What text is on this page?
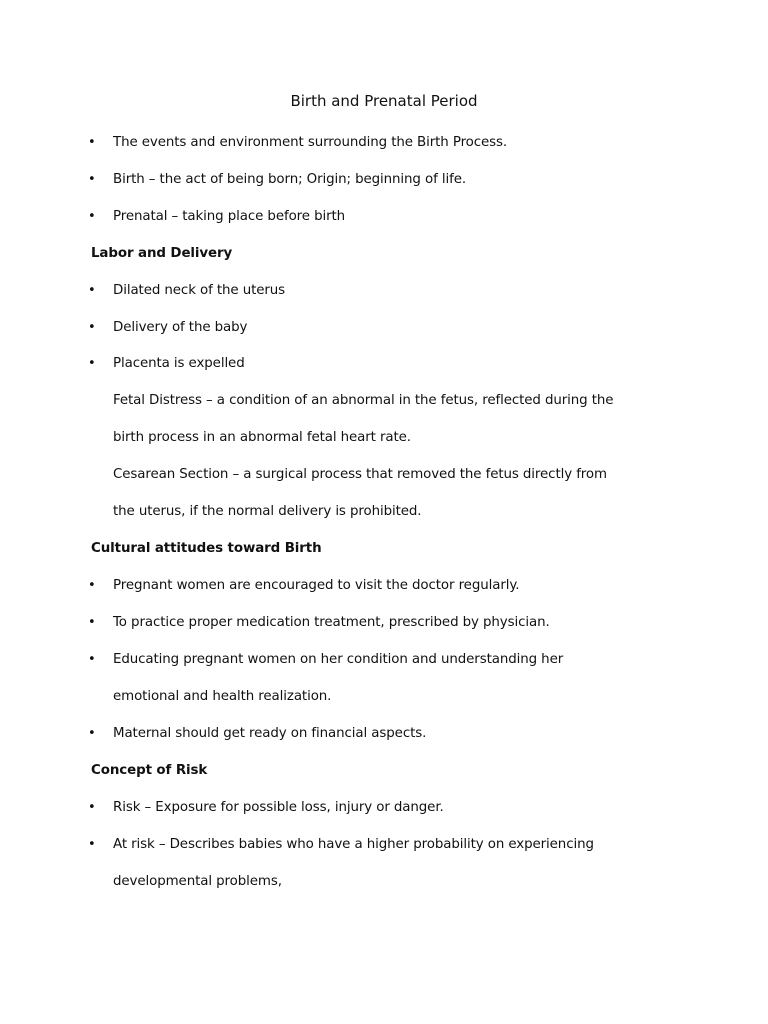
Birth and Prenatal Period
• The events and environment surrounding the Birth Process.
• Birth – the act of being born; Origin; beginning of life.
• Prenatal – taking place before birth
Labor and Delivery
• Dilated neck of the uterus
• Delivery of the baby
• Placenta is expelled
Fetal Distress – a condition of an abnormal in the fetus, reflected during the
birth process in an abnormal fetal heart rate.
Cesarean Section – a surgical process that removed the fetus directly from
the uterus, if the normal delivery is prohibited.
Cultural attitudes toward Birth
• Pregnant women are encouraged to visit the doctor regularly.
• To practice proper medication treatment, prescribed by physician.
• Educating pregnant women on her condition and understanding her
emotional and health realization.
• Maternal should get ready on financial aspects.
Concept of Risk
• Risk – Exposure for possible loss, injury or danger.
• At risk – Describes babies who have a higher probability on experiencing
developmental problems,
